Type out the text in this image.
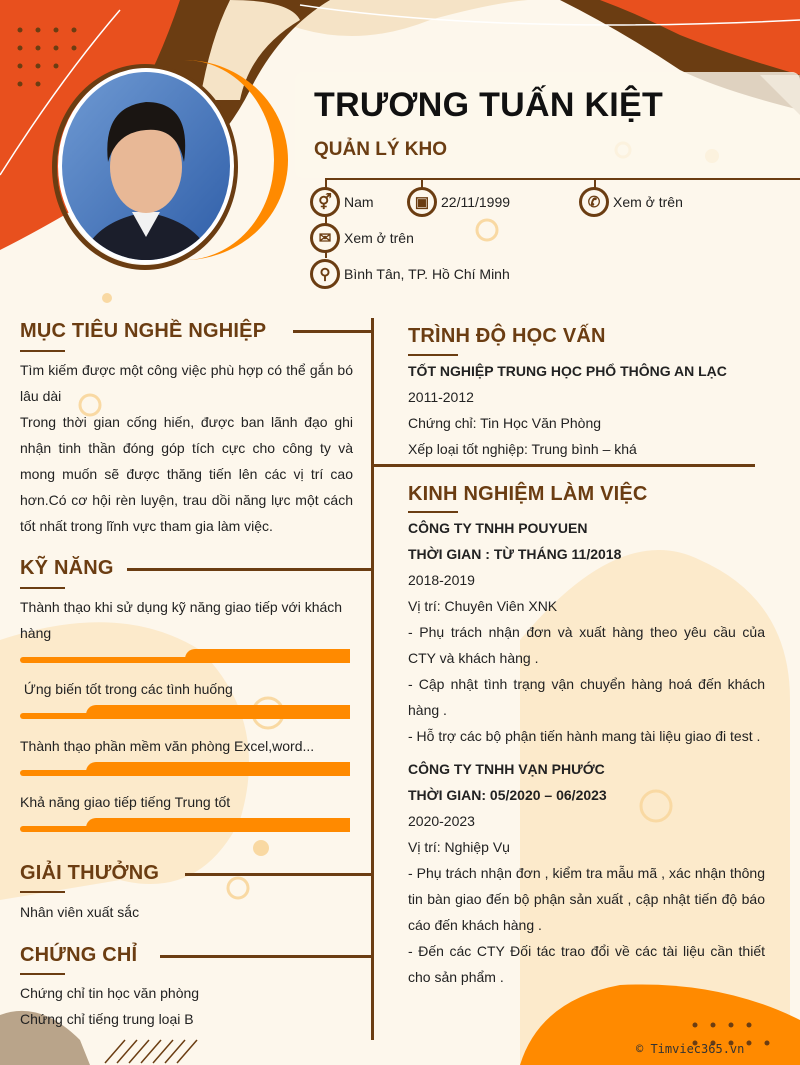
TRƯƠNG TUẤN KIỆT
QUẢN LÝ KHO
⚥ Nam	▣ 22/11/1999	✆ Xem ở trên
✉ Xem ở trên
⚲ Bình Tân, TP. Hồ Chí Minh
MỤC TIÊU NGHỀ NGHIỆP
Tìm kiếm được một công việc phù hợp có thể gắn bó lâu dài
Trong thời gian cống hiến, được ban lãnh đạo ghi nhận tinh thần đóng góp tích cực cho công ty và mong muốn sẽ được thăng tiến lên các vị trí cao hơn.Có cơ hội rèn luyện, trau dồi năng lực một cách tốt nhất trong lĩnh vực tham gia làm việc.
KỸ NĂNG
Thành thạo khi sử dụng kỹ năng giao tiếp với khách hàng
Ứng biến tốt trong các tình huống
Thành thạo phần mềm văn phòng Excel,word...
Khả năng giao tiếp tiếng Trung tốt
GIẢI THƯỞNG
Nhân viên xuất sắc
CHỨNG CHỈ
Chứng chỉ tin học văn phòng
Chứng chỉ tiếng trung loại B
TRÌNH ĐỘ HỌC VẤN
TỐT NGHIỆP TRUNG HỌC PHỔ THÔNG AN LẠC
2011-2012
Chứng chỉ: Tin Học Văn Phòng
Xếp loại tốt nghiệp: Trung bình – khá
KINH NGHIỆM LÀM VIỆC
CÔNG TY TNHH POUYUEN
THỜI GIAN : TỪ THÁNG 11/2018
2018-2019
Vị trí: Chuyên Viên XNK
- Phụ trách nhận đơn và xuất hàng theo yêu cầu của CTY và khách hàng .
- Cập nhật tình trạng vận chuyển hàng hoá đến khách hàng .
- Hỗ trợ các bộ phận tiến hành mang tài liệu giao đi test .
CÔNG TY TNHH VẠN PHƯỚC
THỜI GIAN: 05/2020 – 06/2023
2020-2023
Vị trí: Nghiệp Vụ
- Phụ trách nhận đơn , kiểm tra mẫu mã , xác nhận thông tin bàn giao đến bộ phận sản xuất , cập nhật tiến độ báo cáo đến khách hàng .
- Đến các CTY Đối tác trao đổi về các tài liệu cần thiết cho sản phẩm .
© Timviec365.vn
